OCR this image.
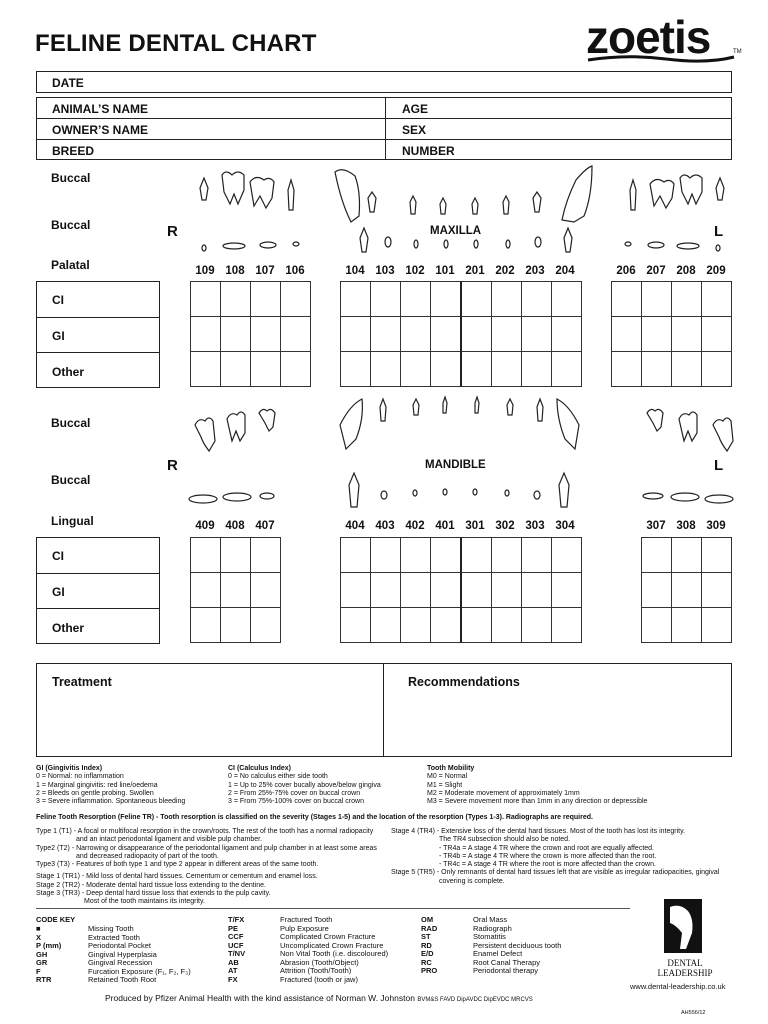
FELINE DENTAL CHART	zoetis	TM
DATE
ANIMAL’S NAME	AGE
OWNER’S NAME	SEX
BREED	NUMBER
Buccal
Buccal
Palatal
R	L
MAXILLA
109 108 107 106	104 103 102 101 201 202 203 204	206 207 208 209
CI
GI
Other

Buccal
Buccal
Lingual
R	L
MANDIBLE
409 408 407	404 403 402 401 301 302 303 304	307 308 309
CI
GI
Other

Treatment	Recommendations
GI (Gingivitis Index)
0 = Normal: no inflammation
1 = Marginal gingivitis: red line/oedema
2 = Bleeds on gentle probing. Swollen
3 = Severe inflammation. Spontaneous bleeding
CI (Calculus Index)
0 = No calculus either side tooth
1 = Up to 25% cover bucally above/below gingiva
2 = From 25%-75% cover on buccal crown
3 = From 75%-100% cover on buccal crown
Tooth Mobility
M0 = Normal
M1 = Slight
M2 = Moderate movement of approximately 1mm
M3 = Severe movement more than 1mm in any direction or depressible
Feline Tooth Resorption (Feline TR) - Tooth resorption is classified on the severity (Stages 1-5) and the location of the resorption (Types 1-3). Radiographs are required.
Type 1 (T1) - A focal or multifocal resorption in the crown/roots. The rest of the tooth has a normal radiopacity
and an intact periodontal ligament and visible pulp chamber.
Type2 (T2) - Narrowing or disappearance of the periodontal ligament and pulp chamber in at least some areas
and decreased radiopacity of part of the tooth.
Type3 (T3) - Features of both type 1 and type 2 appear in different areas of the same tooth.
Stage 1 (TR1) - Mild loss of dental hard tissues. Cementum or cementum and enamel loss.
Stage 2 (TR2) - Moderate dental hard tissue loss extending to the dentine.
Stage 3 (TR3) - Deep dental hard tissue loss that extends to the pulp cavity.
Most of the tooth maintains its integrity.
Stage 4 (TR4) - Extensive loss of the dental hard tissues. Most of the tooth has lost its integrity.
The TR4 subsection should also be noted.
- TR4a = A stage 4 TR where the crown and root are equally affected.
- TR4b = A stage 4 TR where the crown is more affected than the root.
- TR4c = A stage 4 TR where the root is more affected than the crown.
Stage 5 (TR5) - Only remnants of dental hard tissues left that are visible as irregular radiopacities, gingival
covering is complete.
CODE KEY
■	Missing Tooth
X	Extracted Tooth
P (mm)	Periodontal Pocket
GH	Gingival Hyperplasia
GR	Gingival Recession
F	Furcation Exposure (F₁, F₂, F₃)
RTR	Retained Tooth Root
T/FX	Fractured Tooth
PE	Pulp Exposure
CCF	Complicated Crown Fracture
UCF	Uncomplicated Crown Fracture
T/NV	Non Vital Tooth (i.e. discoloured)
AB	Abrasion (Tooth/Object)
AT	Attrition (Tooth/Tooth)
FX	Fractured (tooth or jaw)
OM	Oral Mass
RAD	Radiograph
ST	Stomatitis
RD	Persistent deciduous tooth
E/D	Enamel Defect
RC	Root Canal Therapy
PRO	Periodontal therapy
DENTAL
LEADERSHIP
www.dental-leadership.co.uk
Produced by Pfizer Animal Health with the kind assistance of Norman W. Johnston BVM&S FAVD DipAVDC DipEVDC MRCVS
AH556/12
